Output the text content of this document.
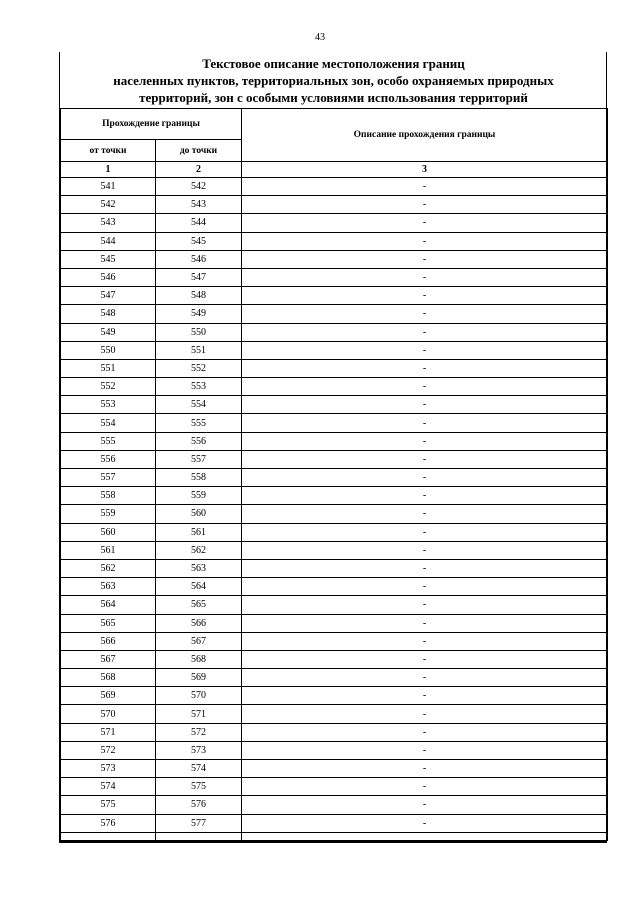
43
Текстовое описание местоположения границ
населенных пунктов, территориальных зон, особо охраняемых природных
территорий, зон с особыми условиями использования территорий
Прохождение границы		Описание прохождения границы
от точки	до точки	
1	2	3
541	542	-
542	543	-
543	544	-
544	545	-
545	546	-
546	547	-
547	548	-
548	549	-
549	550	-
550	551	-
551	552	-
552	553	-
553	554	-
554	555	-
555	556	-
556	557	-
557	558	-
558	559	-
559	560	-
560	561	-
561	562	-
562	563	-
563	564	-
564	565	-
565	566	-
566	567	-
567	568	-
568	569	-
569	570	-
570	571	-
571	572	-
572	573	-
573	574	-
574	575	-
575	576	-
576	577	-
